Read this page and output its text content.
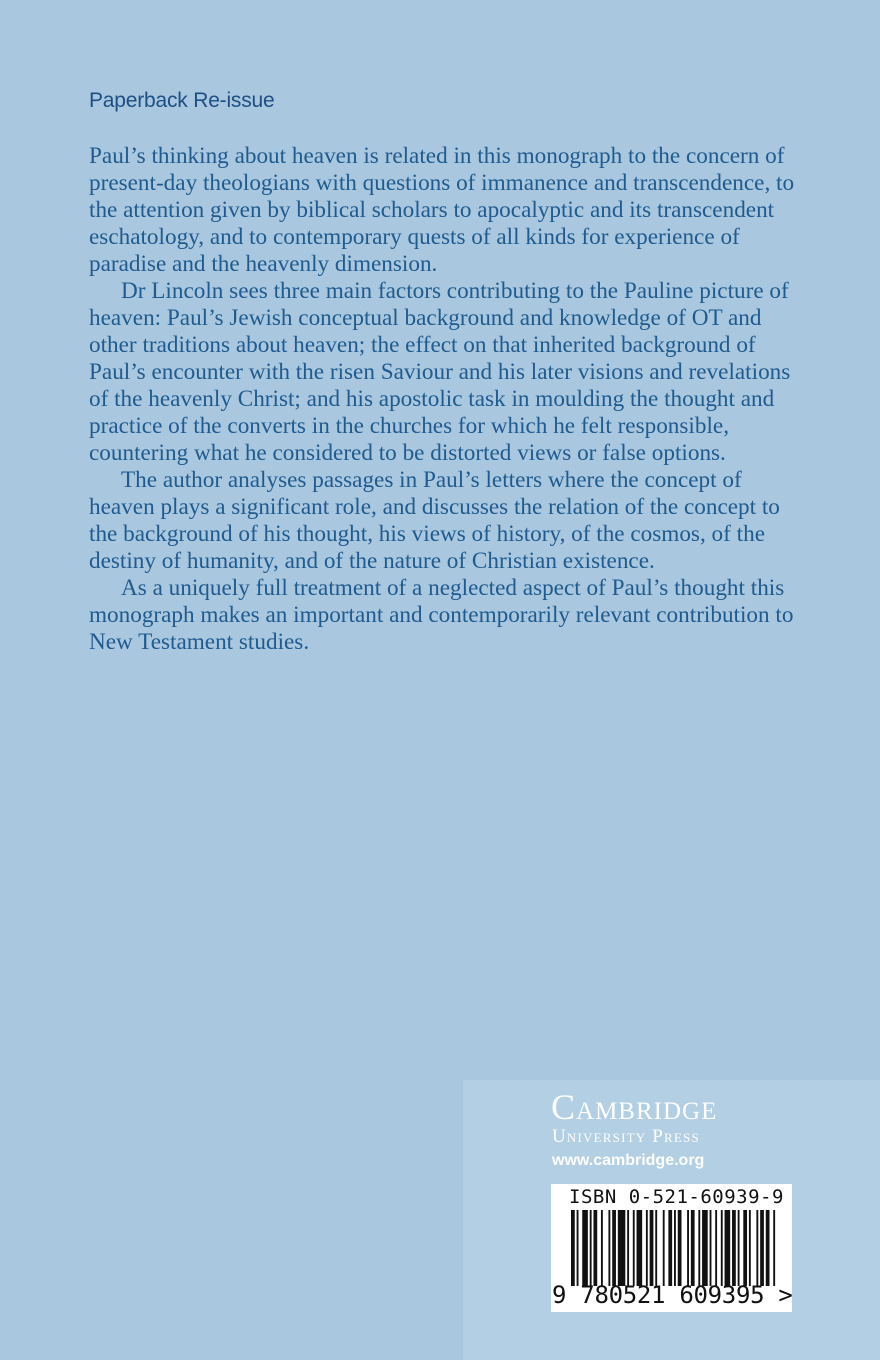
Paperback Re-issue

Paul’s thinking about heaven is related in this monograph to the concern of present-day theologians with questions of immanence and transcendence, to the attention given by biblical scholars to apocalyptic and its transcendent eschatology, and to contemporary quests of all kinds for experience of paradise and the heavenly dimension.

Dr Lincoln sees three main factors contributing to the Pauline picture of heaven: Paul’s Jewish conceptual background and knowledge of OT and other traditions about heaven; the effect on that inherited background of Paul’s encounter with the risen Saviour and his later visions and revelations of the heavenly Christ; and his apostolic task in moulding the thought and practice of the converts in the churches for which he felt responsible, countering what he considered to be distorted views or false options.

The author analyses passages in Paul’s letters where the concept of heaven plays a significant role, and discusses the relation of the concept to the background of his thought, his views of history, of the cosmos, of the destiny of humanity, and of the nature of Christian existence.

As a uniquely full treatment of a neglected aspect of Paul’s thought this monograph makes an important and contemporarily relevant contribution to New Testament studies.

Cambridge
University Press
www.cambridge.org
ISBN 0-521-60939-9
9 780521 609395 >
